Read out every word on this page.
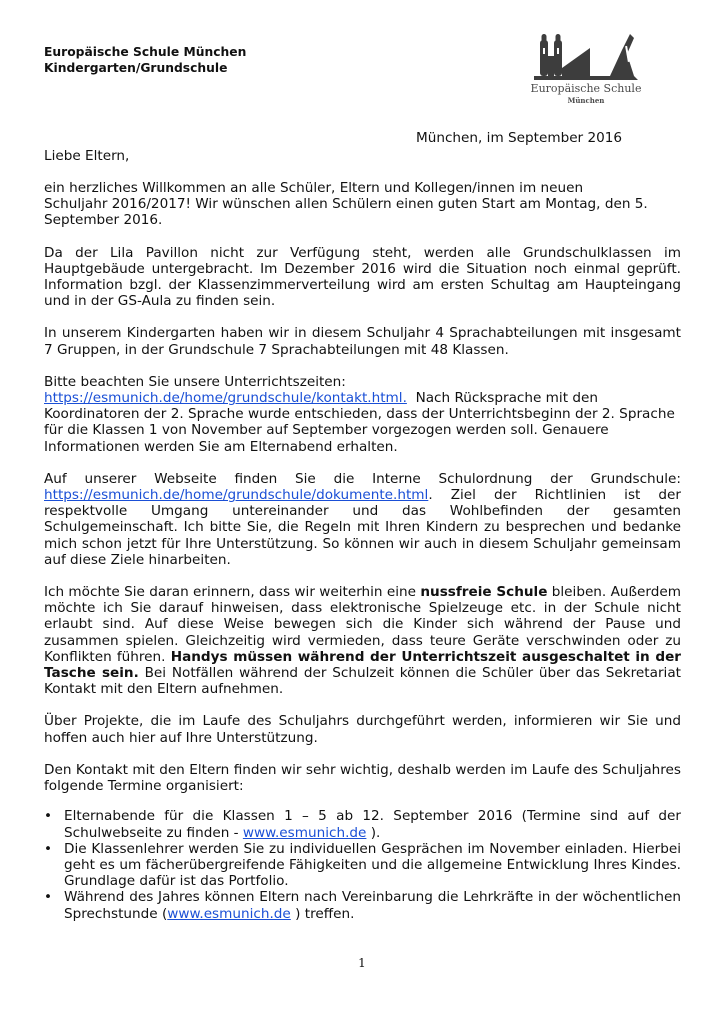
Europäische Schule München
Kindergarten/Grundschule
Europäische Schule
München
München, im September 2016
Liebe Eltern,

ein herzliches Willkommen an alle Schüler, Eltern und Kollegen/innen im neuen
Schuljahr 2016/2017! Wir wünschen allen Schülern einen guten Start am Montag, den 5.
September 2016.

Da der Lila Pavillon nicht zur Verfügung steht, werden alle Grundschulklassen im Hauptgebäude untergebracht. Im Dezember 2016 wird die Situation noch einmal geprüft. Information bzgl. der Klassenzimmerverteilung wird am ersten Schultag am Haupteingang und in der GS-Aula zu finden sein.

In unserem Kindergarten haben wir in diesem Schuljahr 4 Sprachabteilungen mit insgesamt 7 Gruppen, in der Grundschule 7 Sprachabteilungen mit 48 Klassen.

Bitte beachten Sie unsere Unterrichtszeiten:
https://esmunich.de/home/grundschule/kontakt.html. Nach Rücksprache mit den Koordinatoren der 2. Sprache wurde entschieden, dass der Unterrichtsbeginn der 2. Sprache für die Klassen 1 von November auf September vorgezogen werden soll. Genauere Informationen werden Sie am Elternabend erhalten.

Auf unserer Webseite finden Sie die Interne Schulordnung der Grundschule: https://esmunich.de/home/grundschule/dokumente.html. Ziel der Richtlinien ist der respektvolle Umgang untereinander und das Wohlbefinden der gesamten Schulgemeinschaft. Ich bitte Sie, die Regeln mit Ihren Kindern zu besprechen und bedanke mich schon jetzt für Ihre Unterstützung. So können wir auch in diesem Schuljahr gemeinsam auf diese Ziele hinarbeiten.

Ich möchte Sie daran erinnern, dass wir weiterhin eine nussfreie Schule bleiben. Außerdem möchte ich Sie darauf hinweisen, dass elektronische Spielzeuge etc. in der Schule nicht erlaubt sind. Auf diese Weise bewegen sich die Kinder sich während der Pause und zusammen spielen. Gleichzeitig wird vermieden, dass teure Geräte verschwinden oder zu Konflikten führen. Handys müssen während der Unterrichtszeit ausgeschaltet in der Tasche sein. Bei Notfällen während der Schulzeit können die Schüler über das Sekretariat Kontakt mit den Eltern aufnehmen.

Über Projekte, die im Laufe des Schuljahrs durchgeführt werden, informieren wir Sie und hoffen auch hier auf Ihre Unterstützung.

Den Kontakt mit den Eltern finden wir sehr wichtig, deshalb werden im Laufe des Schuljahres folgende Termine organisiert:

• Elternabende für die Klassen 1 – 5 ab 12. September 2016 (Termine sind auf der Schulwebseite zu finden - www.esmunich.de ).
• Die Klassenlehrer werden Sie zu individuellen Gesprächen im November einladen. Hierbei geht es um fächerübergreifende Fähigkeiten und die allgemeine Entwicklung Ihres Kindes. Grundlage dafür ist das Portfolio.
• Während des Jahres können Eltern nach Vereinbarung die Lehrkräfte in der wöchentlichen Sprechstunde (www.esmunich.de ) treffen.
1
